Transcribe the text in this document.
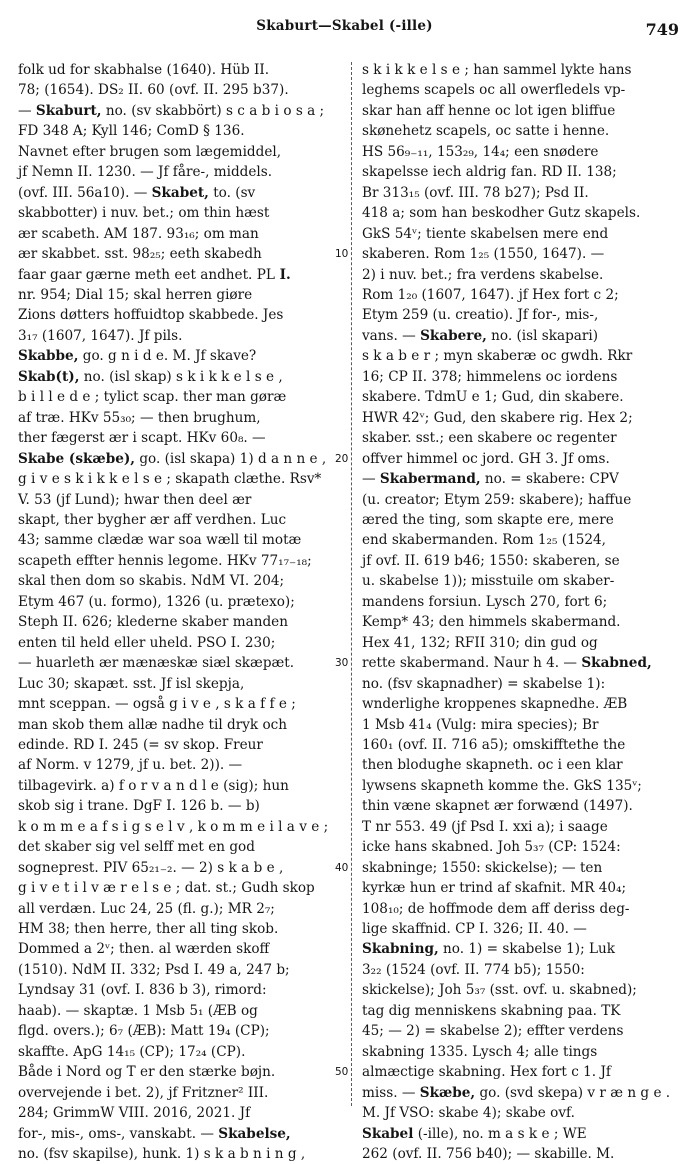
Skaburt—Skabel (-ille)	749
folk ud for skabhalse (1640). Hüb II.
78; (1654). DS₂ II. 60 (ovf. II. 295 b37).
— Skaburt, no. (sv skabbört) s c a b i o s a ;
FD 348 A; Kyll 146; ComD § 136.
Navnet efter brugen som lægemiddel,
jf Nemn II. 1230. — Jf fåre-, middels.
(ovf. III. 56a10). — Skabet, to. (sv
skabbotter) i nuv. bet.; om thin hæst
ær scabeth. AM 187. 93₁₆; om man
ær skabbet. sst. 98₂₅; eeth skabedh
faar gaar gærne meth eet andhet. PL I.
nr. 954; Dial 15; skal herren giøre
Zions døtters hoffuidtop skabbede. Jes
3₁₇ (1607, 1647). Jf pils.
Skabbe, go. g n i d e. M. Jf skave?
Skab(t), no. (isl skap) s k i k k e l s e ,
b i l l e d e ; tylict scap. ther man gøræ
af træ. HKv 55₃₀; — then brughum,
ther fægerst ær i scapt. HKv 60₈. —
Skabe (skæbe), go. (isl skapa) 1) d a n n e ,
g i v e s k i k k e l s e ; skapath clæthe. Rsv*
V. 53 (jf Lund); hwar then deel ær
skapt, ther bygher ær aff verdhen. Luc
43; samme clædæ war soa wæll til motæ
scapeth effter hennis legome. HKv 77₁₇₋₁₈;
skal then dom so skabis. NdM VI. 204;
Etym 467 (u. formo), 1326 (u. prætexo);
Steph II. 626; klederne skaber manden
enten til held eller uheld. PSO I. 230;
— huarleth ær mænæskæ siæl skæpæt.
Luc 30; skapæt. sst. Jf isl skepja,
mnt sceppan. — også g i v e , s k a f f e ;
man skob them allæ nadhe til dryk och
edinde. RD I. 245 (= sv skop. Freur
af Norm. v 1279, jf u. bet. 2)). —
tilbagevirk. a) f o r v a n d l e (sig); hun
skob sig i trane. DgF I. 126 b. — b)
k o m m e a f s i g s e l v , k o m m e i l a v e ;
det skaber sig vel selff met en god
sogneprest. PIV 65₂₁₋₂. — 2) s k a b e ,
g i v e t i l v æ r e l s e ; dat. st.; Gudh skop
all verdæn. Luc 24, 25 (fl. g.); MR 2₇;
HM 38; then herre, ther all ting skob.
Dommed a 2ᵛ; then. al wærden skoff
(1510). NdM II. 332; Psd I. 49 a, 247 b;
Lyndsay 31 (ovf. I. 836 b 3), rimord:
haab). — skaptæ. 1 Msb 5₁ (ÆB og
flgd. overs.); 6₇ (ÆB): Matt 19₄ (CP);
skaffte. ApG 14₁₅ (CP); 17₂₄ (CP).
Både i Nord og T er den stærke bøjn.
overvejende i bet. 2), jf Fritzner² III.
284; GrimmW VIII. 2016, 2021. Jf
for-, mis-, oms-, vanskabt. — Skabelse,
no. (fsv skapilse), hunk. 1) s k a b n i n g ,
s k i k k e l s e ; han sammel lykte hans
leghems scapels oc all owerfledels vp-
skar han aff henne oc lot igen bliffue
skønehetz scapels, oc satte i henne.
HS 56₉₋₁₁, 153₂₉, 14₄; een snødere
skapelsse iech aldrig fan. RD II. 138;
Br 313₁₅ (ovf. III. 78 b27); Psd II.
418 a; som han beskodher Gutz skapels.
GkS 54ᵛ; tiente skabelsen mere end
skaberen. Rom 1₂₅ (1550, 1647). —
2) i nuv. bet.; fra verdens skabelse.
Rom 1₂₀ (1607, 1647). jf Hex fort c 2;
Etym 259 (u. creatio). Jf for-, mis-,
vans. — Skabere, no. (isl skapari)
s k a b e r ; myn skaberæ oc gwdh. Rkr
16; CP II. 378; himmelens oc iordens
skabere. TdmU e 1; Gud, din skabere.
HWR 42ᵛ; Gud, den skabere rig. Hex 2;
skaber. sst.; een skabere oc regenter
offver himmel oc jord. GH 3. Jf oms.
— Skabermand, no. = skabere: CPV
(u. creator; Etym 259: skabere); haffue
æred the ting, som skapte ere, mere
end skabermanden. Rom 1₂₅ (1524,
jf ovf. II. 619 b46; 1550: skaberen, se
u. skabelse 1)); misstuile om skaber-
mandens forsiun. Lysch 270, fort 6;
Kemp* 43; den himmels skabermand.
Hex 41, 132; RFII 310; din gud og
rette skabermand. Naur h 4. — Skabned,
no. (fsv skapnadher) = skabelse 1):
wnderlighe kroppenes skapnedhe. ÆB
1 Msb 41₄ (Vulg: mira species); Br
160₁ (ovf. II. 716 a5); omskifftethe the
then blodughe skapneth. oc i een klar
lywsens skapneth komme the. GkS 135ᵛ;
thin væne skapnet ær forwænd (1497).
T nr 553. 49 (jf Psd I. xxi a); i saage
icke hans skabned. Joh 5₃₇ (CP: 1524:
skabninge; 1550: skickelse); — ten
kyrkæ hun er trind af skafnit. MR 40₄;
108₁₀; de hoffmode dem aff deriss deg-
lige skaffnid. CP I. 326; II. 40. —
Skabning, no. 1) = skabelse 1); Luk
3₂₂ (1524 (ovf. II. 774 b5); 1550:
skickelse); Joh 5₃₇ (sst. ovf. u. skabned);
tag dig menniskens skabning paa. TK
45; — 2) = skabelse 2); effter verdens
skabning 1335. Lysch 4; alle tings
almæctige skabning. Hex fort c 1. Jf
miss. — Skæbe, go. (svd skepa) v r æ n g e .
M. Jf VSO: skabe 4); skabe ovf.
Skabel (-ille), no. m a s k e ; WE
262 (ovf. II. 756 b40); — skabille. M.
10
20
30
40
50
